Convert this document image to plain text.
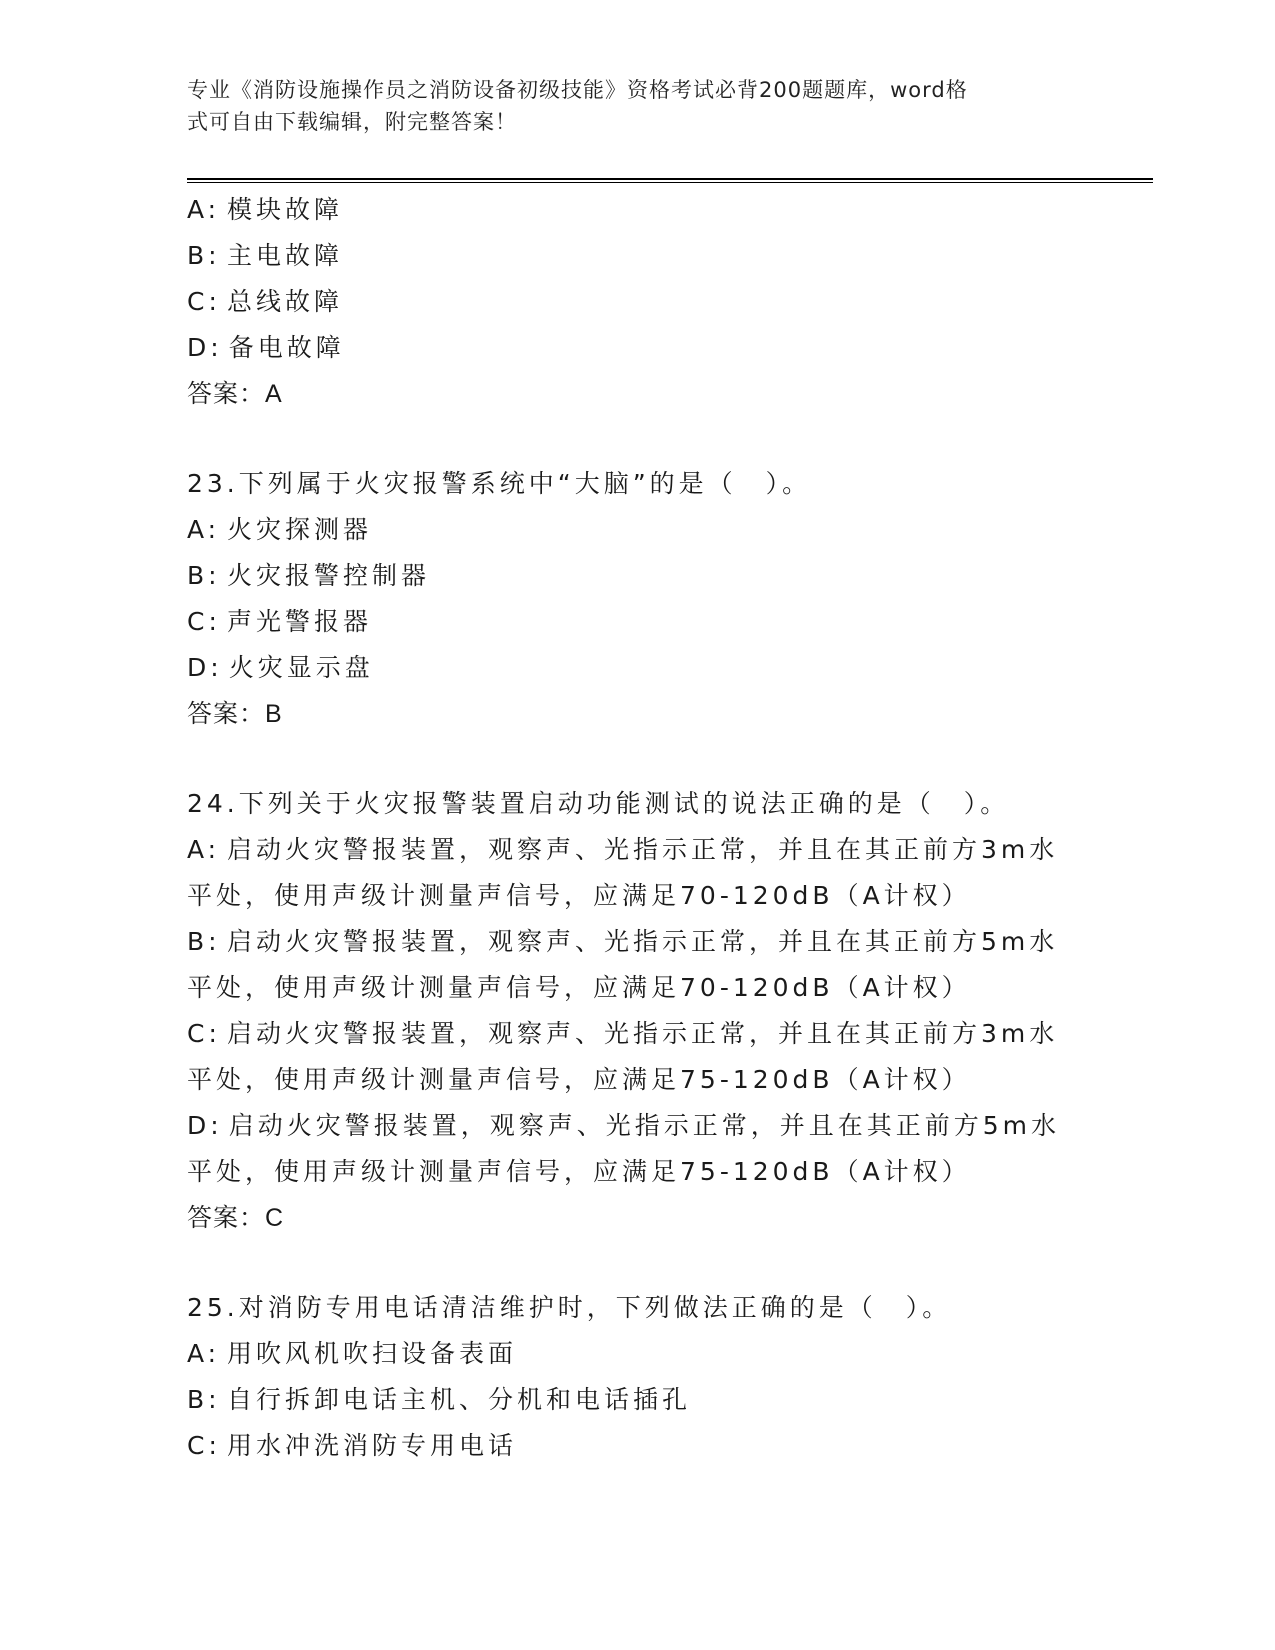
专业《消防设施操作员之消防设备初级技能》资格考试必背200题题库，word格
式可自由下载编辑，附完整答案！
A: 模块故障
B: 主电故障
C: 总线故障
D: 备电故障
答案：A
23.下列属于火灾报警系统中“大脑”的是（　）。
A: 火灾探测器
B: 火灾报警控制器
C: 声光警报器
D: 火灾显示盘
答案：B
24.下列关于火灾报警装置启动功能测试的说法正确的是（　）。
A: 启动火灾警报装置，观察声、光指示正常，并且在其正前方3m水
平处，使用声级计测量声信号，应满足70-120dB（A计权）
B: 启动火灾警报装置，观察声、光指示正常，并且在其正前方5m水
平处，使用声级计测量声信号，应满足70-120dB（A计权）
C: 启动火灾警报装置，观察声、光指示正常，并且在其正前方3m水
平处，使用声级计测量声信号，应满足75-120dB（A计权）
D: 启动火灾警报装置，观察声、光指示正常，并且在其正前方5m水
平处，使用声级计测量声信号，应满足75-120dB（A计权）
答案：C
25.对消防专用电话清洁维护时，下列做法正确的是（　）。
A: 用吹风机吹扫设备表面
B: 自行拆卸电话主机、分机和电话插孔
C: 用水冲洗消防专用电话
